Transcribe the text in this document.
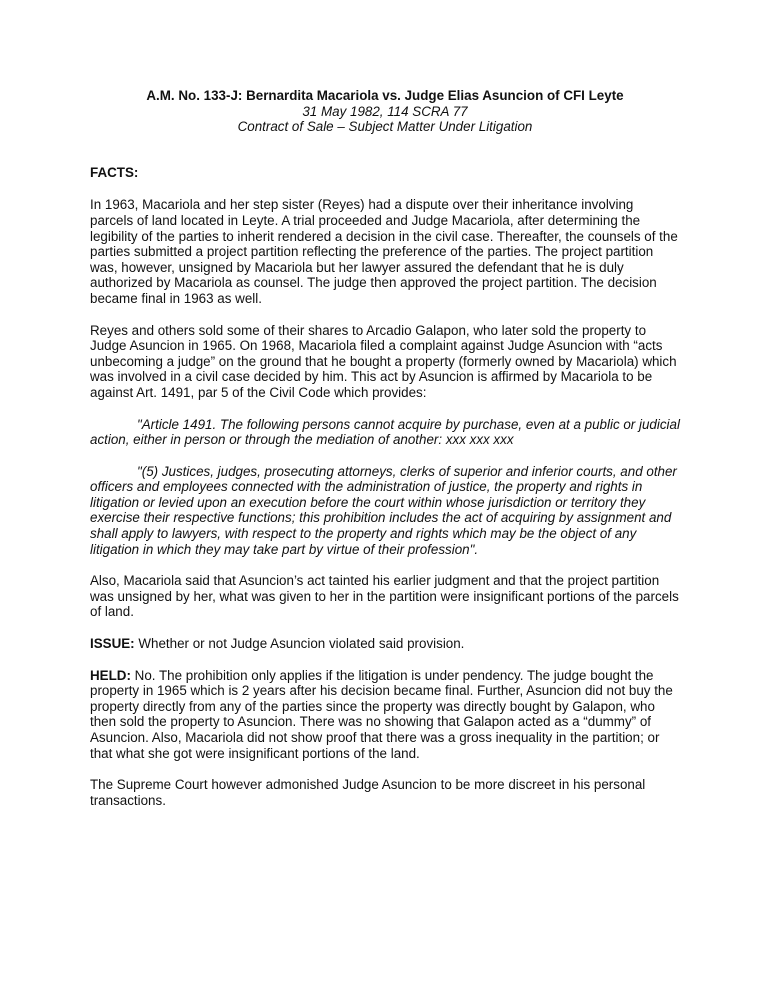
A.M. No. 133-J: Bernardita Macariola vs. Judge Elias Asuncion of CFI Leyte

31 May 1982, 114 SCRA 77

Contract of Sale – Subject Matter Under Litigation

FACTS:

In 1963, Macariola and her step sister (Reyes) had a dispute over their inheritance involving parcels of land located in Leyte. A trial proceeded and Judge Macariola, after determining the legibility of the parties to inherit rendered a decision in the civil case. Thereafter, the counsels of the parties submitted a project partition reflecting the preference of the parties. The project partition was, however, unsigned by Macariola but her lawyer assured the defendant that he is duly authorized by Macariola as counsel. The judge then approved the project partition. The decision became final in 1963 as well.

Reyes and others sold some of their shares to Arcadio Galapon, who later sold the property to Judge Asuncion in 1965. On 1968, Macariola filed a complaint against Judge Asuncion with “acts unbecoming a judge” on the ground that he bought a property (formerly owned by Macariola) which was involved in a civil case decided by him. This act by Asuncion is affirmed by Macariola to be against Art. 1491, par 5 of the Civil Code which provides:

"Article 1491. The following persons cannot acquire by purchase, even at a public or judicial action, either in person or through the mediation of another: xxx xxx xxx

"(5) Justices, judges, prosecuting attorneys, clerks of superior and inferior courts, and other officers and employees connected with the administration of justice, the property and rights in litigation or levied upon an execution before the court within whose jurisdiction or territory they exercise their respective functions; this prohibition includes the act of acquiring by assignment and shall apply to lawyers, with respect to the property and rights which may be the object of any litigation in which they may take part by virtue of their profession".

Also, Macariola said that Asuncion’s act tainted his earlier judgment and that the project partition was unsigned by her, what was given to her in the partition were insignificant portions of the parcels of land.

ISSUE: Whether or not Judge Asuncion violated said provision.

HELD: No. The prohibition only applies if the litigation is under pendency. The judge bought the property in 1965 which is 2 years after his decision became final. Further, Asuncion did not buy the property directly from any of the parties since the property was directly bought by Galapon, who then sold the property to Asuncion. There was no showing that Galapon acted as a “dummy” of Asuncion. Also, Macariola did not show proof that there was a gross inequality in the partition; or that what she got were insignificant portions of the land.

The Supreme Court however admonished Judge Asuncion to be more discreet in his personal transactions.
